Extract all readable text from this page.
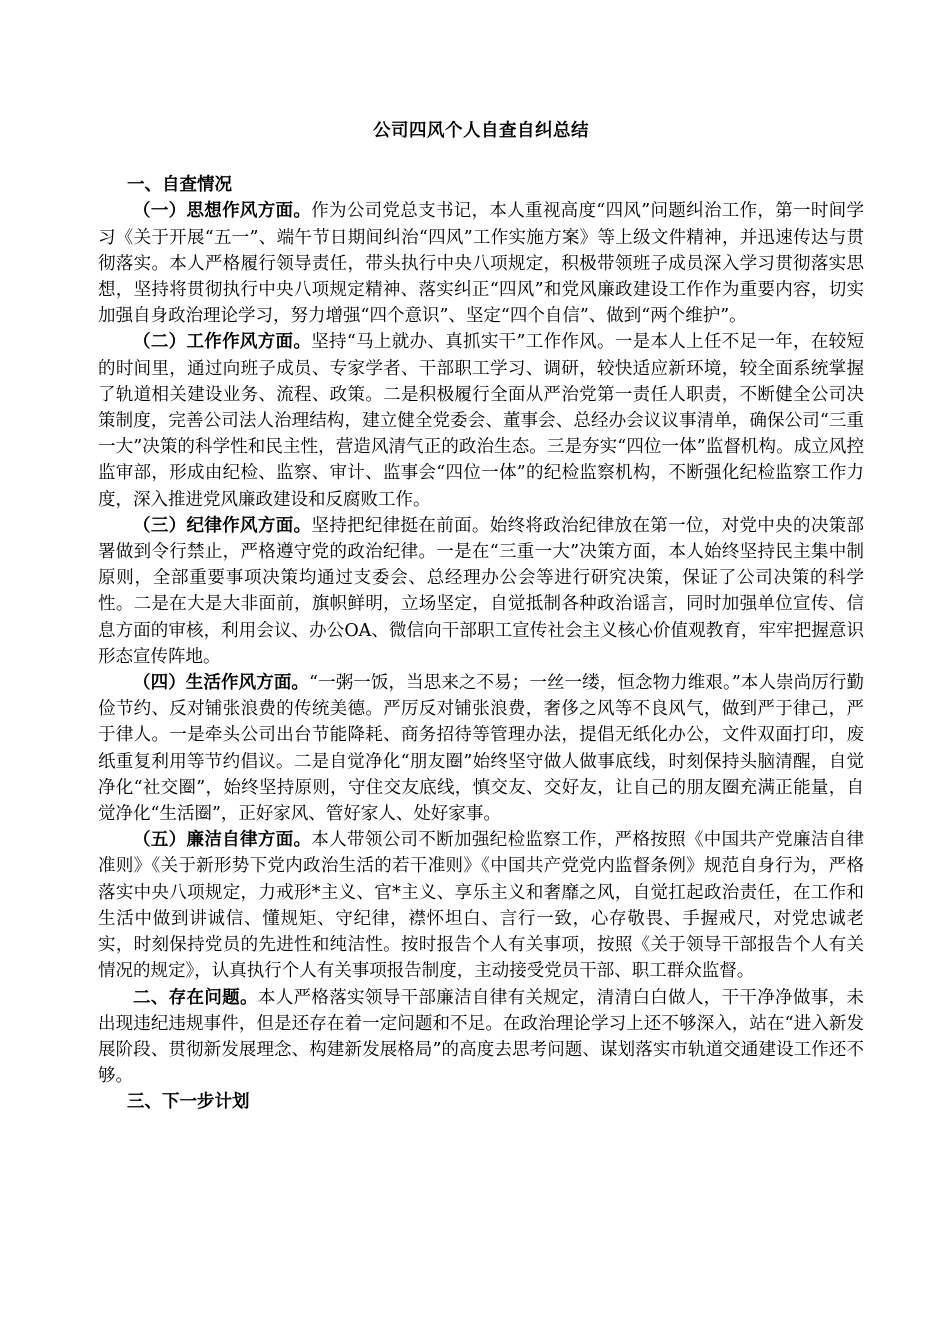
公司四风个人自查自纠总结

一、自查情况

（一）思想作风方面。作为公司党总支书记，本人重视高度“四风”问题纠治工作，第一时间学习《关于开展“五一”、端午节日期间纠治“四风”工作实施方案》等上级文件精神，并迅速传达与贯彻落实。本人严格履行领导责任，带头执行中央八项规定，积极带领班子成员深入学习贯彻落实思想，坚持将贯彻执行中央八项规定精神、落实纠正“四风”和党风廉政建设工作作为重要内容，切实加强自身政治理论学习，努力增强“四个意识”、坚定“四个自信”、做到“两个维护”。

（二）工作作风方面。坚持“马上就办、真抓实干”工作作风。一是本人上任不足一年，在较短的时间里，通过向班子成员、专家学者、干部职工学习、调研，较快适应新环境，较全面系统掌握了轨道相关建设业务、流程、政策。二是积极履行全面从严治党第一责任人职责，不断健全公司决策制度，完善公司法人治理结构，建立健全党委会、董事会、总经办会议议事清单，确保公司“三重一大”决策的科学性和民主性，营造风清气正的政治生态。三是夯实“四位一体”监督机构。成立风控监审部，形成由纪检、监察、审计、监事会“四位一体”的纪检监察机构，不断强化纪检监察工作力度，深入推进党风廉政建设和反腐败工作。

（三）纪律作风方面。坚持把纪律挺在前面。始终将政治纪律放在第一位，对党中央的决策部署做到令行禁止，严格遵守党的政治纪律。一是在“三重一大”决策方面，本人始终坚持民主集中制原则，全部重要事项决策均通过支委会、总经理办公会等进行研究决策，保证了公司决策的科学性。二是在大是大非面前，旗帜鲜明，立场坚定，自觉抵制各种政治谣言，同时加强单位宣传、信息方面的审核，利用会议、办公OA、微信向干部职工宣传社会主义核心价值观教育，牢牢把握意识形态宣传阵地。

（四）生活作风方面。“一粥一饭，当思来之不易；一丝一缕，恒念物力维艰。”本人崇尚厉行勤俭节约、反对铺张浪费的传统美德。严厉反对铺张浪费，奢侈之风等不良风气，做到严于律己，严于律人。一是牵头公司出台节能降耗、商务招待等管理办法，提倡无纸化办公，文件双面打印，废纸重复利用等节约倡议。二是自觉净化“朋友圈”始终坚守做人做事底线，时刻保持头脑清醒，自觉净化“社交圈”，始终坚持原则，守住交友底线，慎交友、交好友，让自己的朋友圈充满正能量，自觉净化“生活圈”，正好家风、管好家人、处好家事。

（五）廉洁自律方面。本人带领公司不断加强纪检监察工作，严格按照《中国共产党廉洁自律准则》《关于新形势下党内政治生活的若干准则》《中国共产党党内监督条例》规范自身行为，严格落实中央八项规定，力戒形*主义、官*主义、享乐主义和奢靡之风，自觉扛起政治责任，在工作和生活中做到讲诚信、懂规矩、守纪律，襟怀坦白、言行一致，心存敬畏、手握戒尺，对党忠诚老实，时刻保持党员的先进性和纯洁性。按时报告个人有关事项，按照《关于领导干部报告个人有关情况的规定》，认真执行个人有关事项报告制度，主动接受党员干部、职工群众监督。

二、存在问题。本人严格落实领导干部廉洁自律有关规定，清清白白做人，干干净净做事，未出现违纪违规事件，但是还存在着一定问题和不足。在政治理论学习上还不够深入，站在“进入新发展阶段、贯彻新发展理念、构建新发展格局”的高度去思考问题、谋划落实市轨道交通建设工作还不够。

三、下一步计划
